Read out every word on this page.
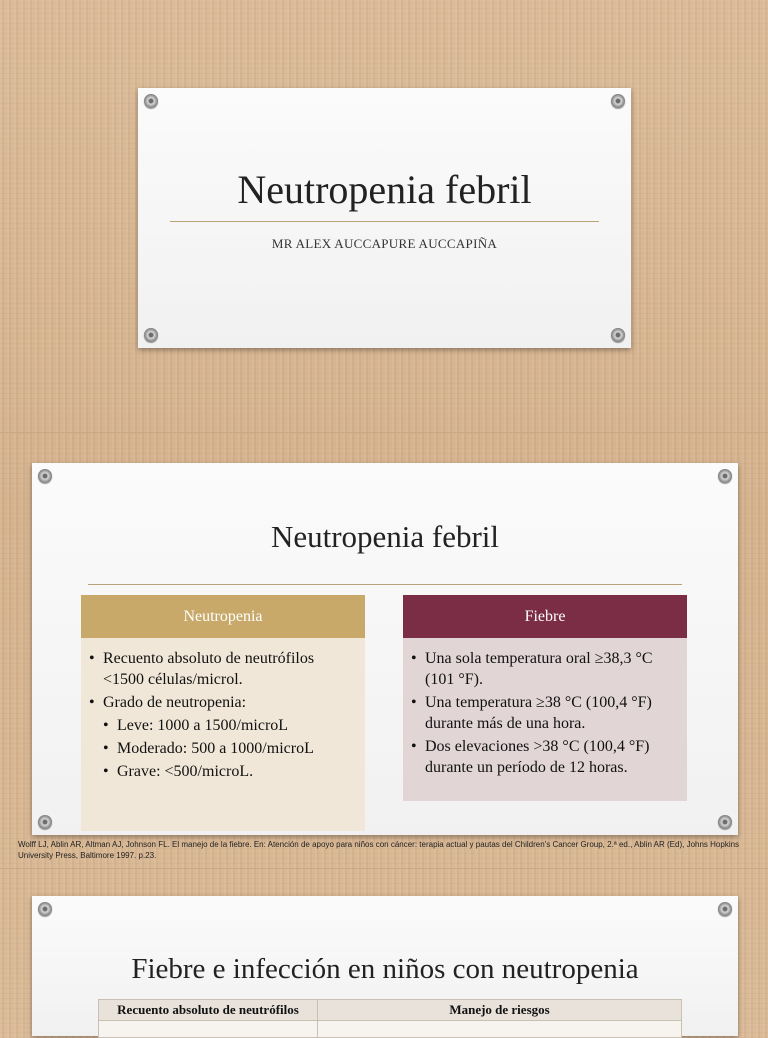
Neutropenia febril
MR ALEX AUCCAPURE AUCCAPIÑA
Neutropenia febril
Neutropenia
• Recuento absoluto de neutrófilos <1500 células/microl.
• Grado de neutropenia:
• Leve: 1000 a 1500/microL
• Moderado: 500 a 1000/microL
• Grave: <500/microL.
Fiebre
• Una sola temperatura oral ≥38,3 °C (101 °F).
• Una temperatura ≥38 °C (100,4 °F) durante más de una hora.
• Dos elevaciones >38 °C (100,4 °F) durante un período de 12 horas.
Wolff LJ, Ablin AR, Altman AJ, Johnson FL. El manejo de la fiebre. En: Atención de apoyo para niños con cáncer: terapia actual y pautas del Children's Cancer Group, 2.ª ed., Ablin AR (Ed), Johns Hopkins University Press, Baltimore 1997. p.23.
Fiebre e infección en niños con neutropenia
Recuento absoluto de neutrófilos	Manejo de riesgos
